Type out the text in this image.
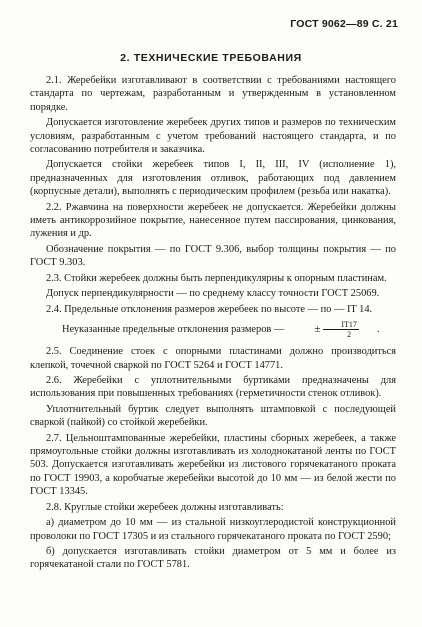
ГОСТ 9062—89 С. 21
2. ТЕХНИЧЕСКИЕ ТРЕБОВАНИЯ

2.1. Жеребейки изготавливают в соответствии с требованиями настоящего стандарта по чертежам, разработанным и утвержденным в установленном порядке.

Допускается изготовление жеребеек других типов и размеров по техническим условиям, разработанным с учетом требований настоящего стандарта, и по согласованию потребителя и заказчика.

Допускается стойки жеребеек типов I, II, III, IV (исполнение 1), предназначенных для изготовления отливок, работающих под давлением (корпусные детали), выполнять с периодическим профилем (резьба или накатка).

2.2. Ржавчина на поверхности жеребеек не допускается. Жеребейки должны иметь антикоррозийное покрытие, нанесенное путем пассирования, цинкования, лужения и др.

Обозначение покрытия — по ГОСТ 9.306, выбор толщины покрытия — по ГОСТ 9.303.

2.3. Стойки жеребеек должны быть перпендикулярны к опорным пластинам.

Допуск перпендикулярности — по среднему классу точности ГОСТ 25069.

2.4. Предельные отклонения размеров жеребеек по высоте — по — IT 14.

Неуказанные предельные отклонения размеров —	± $\frac{IT17}{2}$	.

2.5. Соединение стоек с опорными пластинами должно производиться клепкой, точечной сваркой по ГОСТ 5264 и ГОСТ 14771.

2.6. Жеребейки с уплотнительными буртиками предназначены для использования при повышенных требованиях (герметичности стенок отливок).

Уплотнительный буртик следует выполнять штамповкой с последующей сваркой (пайкой) со стойкой жеребейки.

2.7. Цельноштампованные жеребейки, пластины сборных жеребеек, а также прямоугольные стойки должны изготавливать из холоднокатаной ленты по ГОСТ 503. Допускается изготавливать жеребейки из листового горячекатаного проката по ГОСТ 19903, а коробчатые жеребейки высотой до 10 мм — из белой жести по ГОСТ 13345.

2.8. Круглые стойки жеребеек должны изготавливать:

а) диаметром до 10 мм — из стальной низкоуглеродистой конструкционной проволоки по ГОСТ 17305 и из стального горячекатаного проката по ГОСТ 2590;

б) допускается изготавливать стойки диаметром от 5 мм и более из горячекатаной стали по ГОСТ 5781.
